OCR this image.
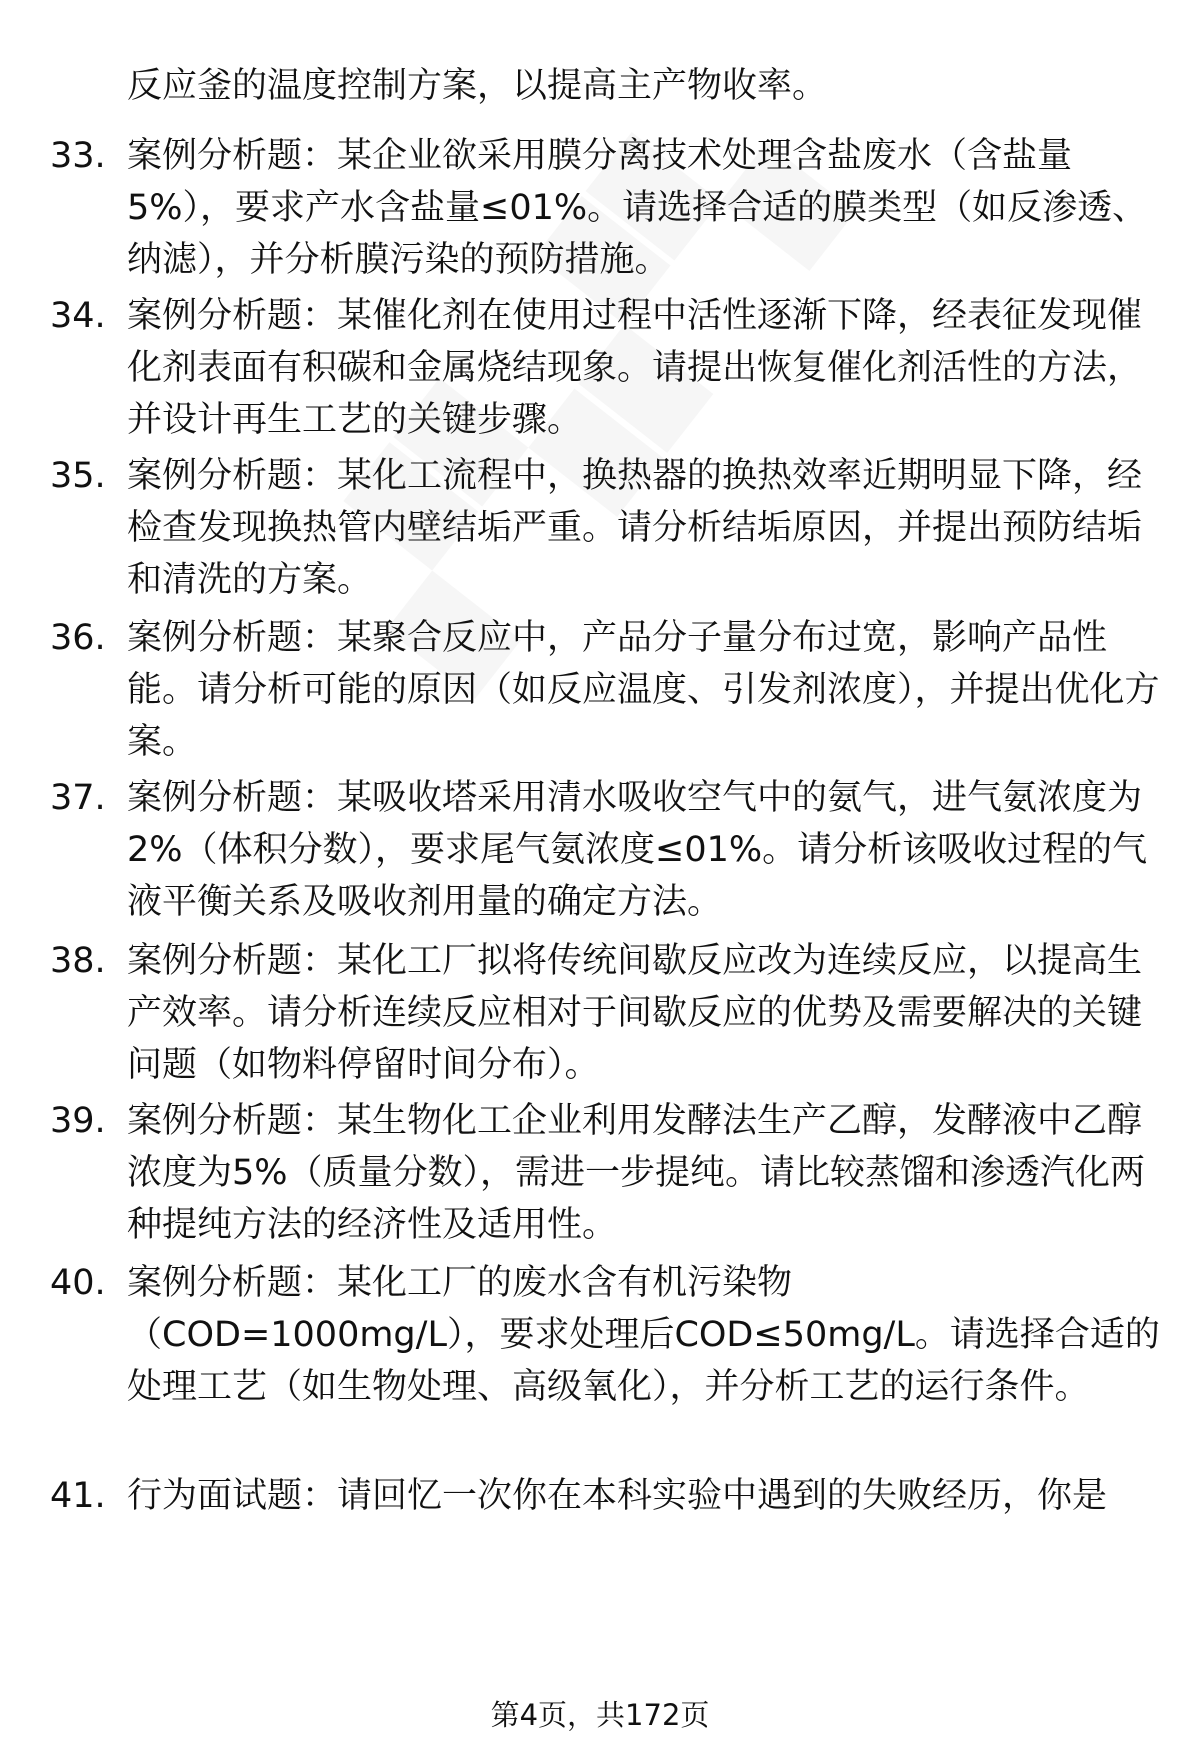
反应釜的温度控制方案，以提高主产物收率。
33. 案例分析题：某企业欲采用膜分离技术处理含盐废水（含盐量5%），要求产水含盐量≤01%。请选择合适的膜类型（如反渗透、纳滤），并分析膜污染的预防措施。
34. 案例分析题：某催化剂在使用过程中活性逐渐下降，经表征发现催化剂表面有积碳和金属烧结现象。请提出恢复催化剂活性的方法，并设计再生工艺的关键步骤。
35. 案例分析题：某化工流程中，换热器的换热效率近期明显下降，经检查发现换热管内壁结垢严重。请分析结垢原因，并提出预防结垢和清洗的方案。
36. 案例分析题：某聚合反应中，产品分子量分布过宽，影响产品性能。请分析可能的原因（如反应温度、引发剂浓度），并提出优化方案。
37. 案例分析题：某吸收塔采用清水吸收空气中的氨气，进气氨浓度为2%（体积分数），要求尾气氨浓度≤01%。请分析该吸收过程的气液平衡关系及吸收剂用量的确定方法。
38. 案例分析题：某化工厂拟将传统间歇反应改为连续反应，以提高生产效率。请分析连续反应相对于间歇反应的优势及需要解决的关键问题（如物料停留时间分布）。
39. 案例分析题：某生物化工企业利用发酵法生产乙醇，发酵液中乙醇浓度为5%（质量分数），需进一步提纯。请比较蒸馏和渗透汽化两种提纯方法的经济性及适用性。
40. 案例分析题：某化工厂的废水含有机污染物（COD=1000mg/L），要求处理后COD≤50mg/L。请选择合适的处理工艺（如生物处理、高级氧化），并分析工艺的运行条件。
41. 行为面试题：请回忆一次你在本科实验中遇到的失败经历，你是
第4页，共172页
